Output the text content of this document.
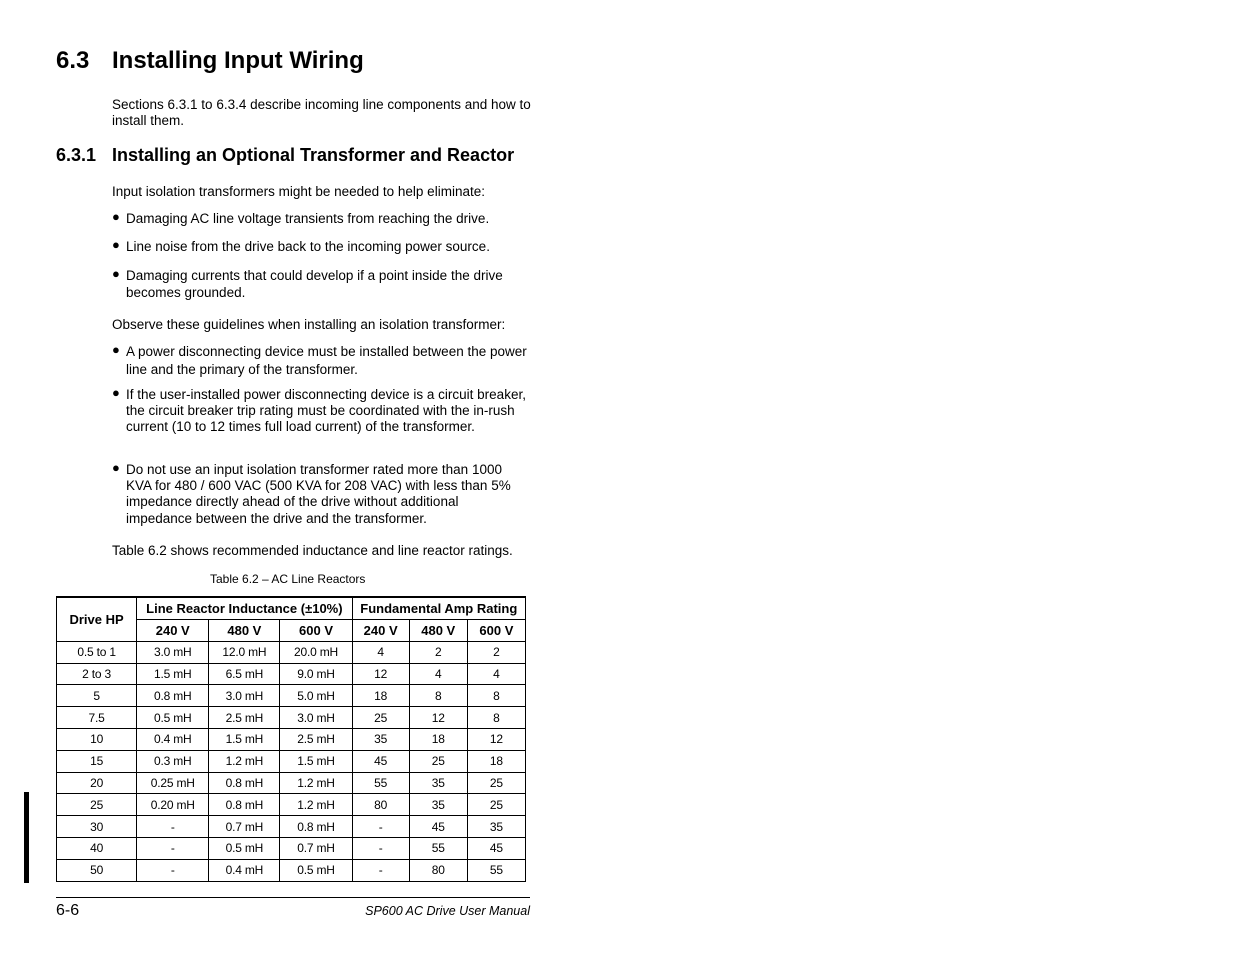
6.3 Installing Input Wiring
Sections 6.3.1 to 6.3.4 describe incoming line components and how to install them.
6.3.1 Installing an Optional Transformer and Reactor
Input isolation transformers might be needed to help eliminate:
● Damaging AC line voltage transients from reaching the drive.
● Line noise from the drive back to the incoming power source.
● Damaging currents that could develop if a point inside the drive becomes grounded.
Observe these guidelines when installing an isolation transformer:
● A power disconnecting device must be installed between the power line and the primary of the transformer.
● If the user-installed power disconnecting device is a circuit breaker, the circuit breaker trip rating must be coordinated with the in-rush current (10 to 12 times full load current) of the transformer.
● Do not use an input isolation transformer rated more than 1000 KVA for 480 / 600 VAC (500 KVA for 208 VAC) with less than 5% impedance directly ahead of the drive without additional impedance between the drive and the transformer.
Table 6.2 shows recommended inductance and line reactor ratings.
Table 6.2 – AC Line Reactors
Drive HP	Line Reactor Inductance (±10%)			Fundamental Amp Rating		
	240 V	480 V	600 V	240 V	480 V	600 V
0.5 to 1	3.0 mH	12.0 mH	20.0 mH	4	2	2
2 to 3	1.5 mH	6.5 mH	9.0 mH	12	4	4
5	0.8 mH	3.0 mH	5.0 mH	18	8	8
7.5	0.5 mH	2.5 mH	3.0 mH	25	12	8
10	0.4 mH	1.5 mH	2.5 mH	35	18	12
15	0.3 mH	1.2 mH	1.5 mH	45	25	18
20	0.25 mH	0.8 mH	1.2 mH	55	35	25
25	0.20 mH	0.8 mH	1.2 mH	80	35	25
30	-	0.7 mH	0.8 mH	-	45	35
40	-	0.5 mH	0.7 mH	-	55	45
50	-	0.4 mH	0.5 mH	-	80	55
6-6	SP600 AC Drive User Manual
